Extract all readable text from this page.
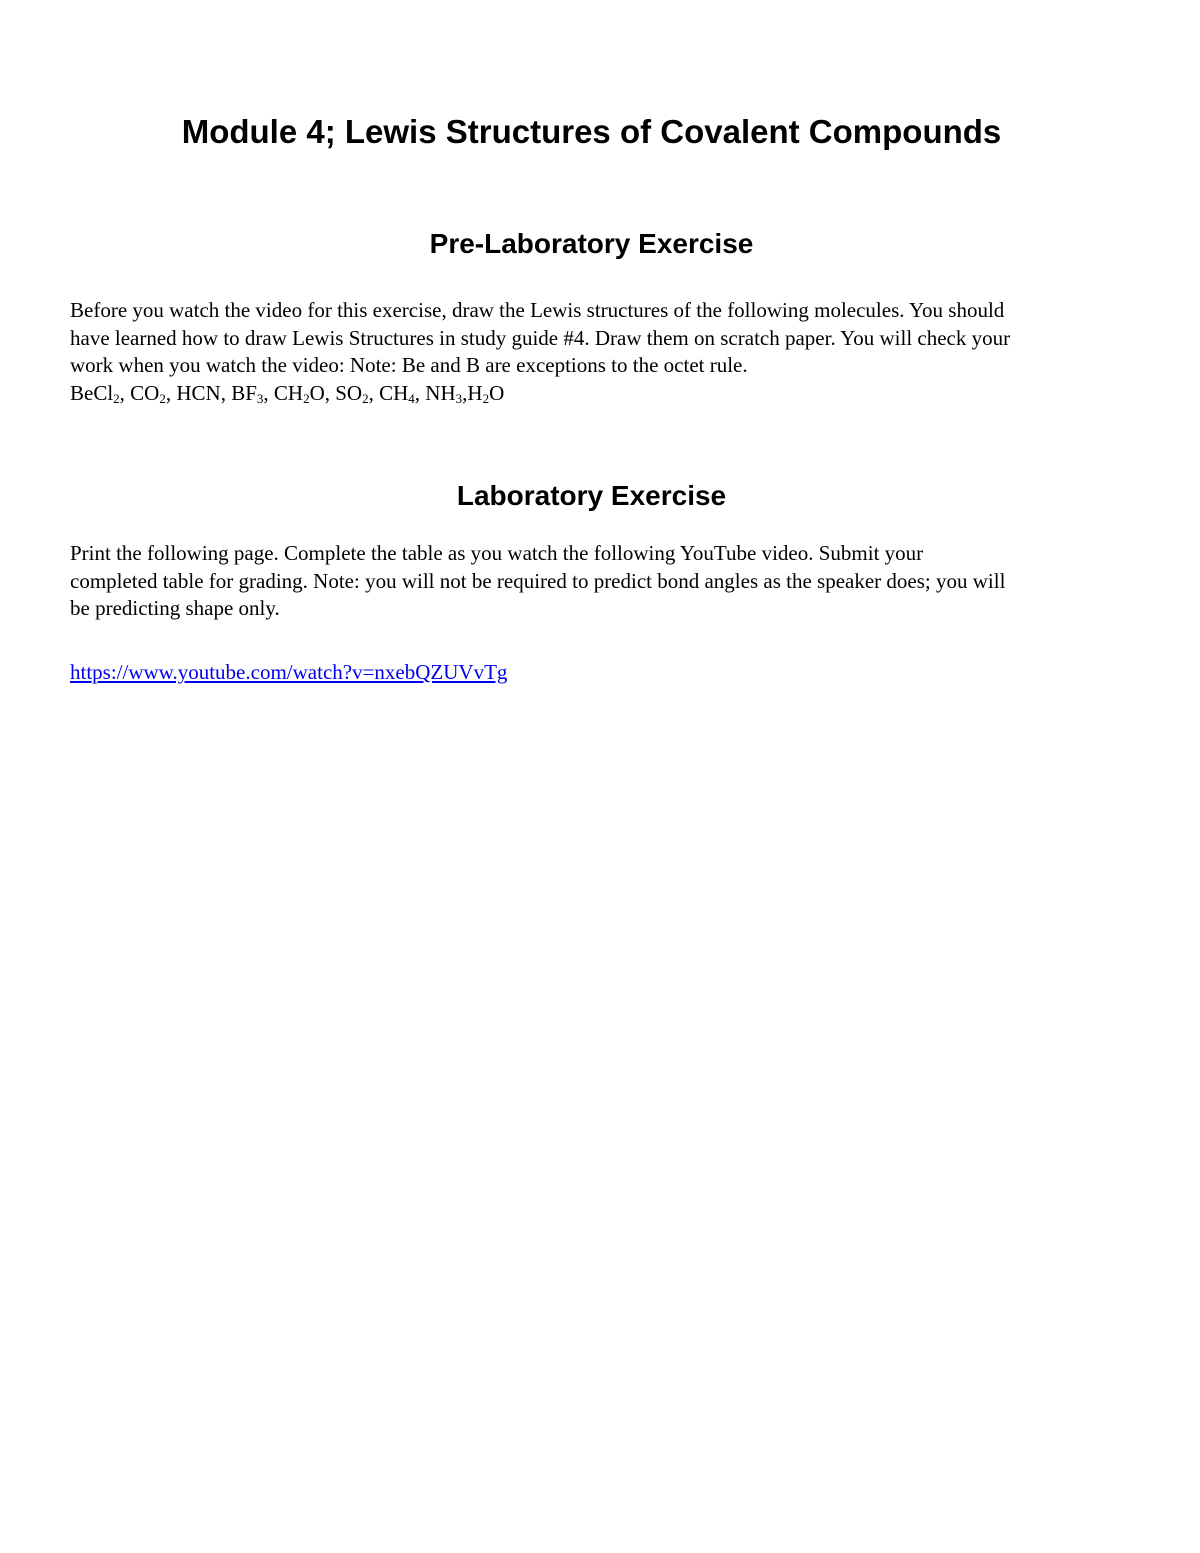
Module 4; Lewis Structures of Covalent Compounds
Pre-Laboratory Exercise
Before you watch the video for this exercise, draw the Lewis structures of the following molecules. You should
have learned how to draw Lewis Structures in study guide #4. Draw them on scratch paper. You will check your
work when you watch the video: Note: Be and B are exceptions to the octet rule.
BeCl$_2$, $CO_2$, HCN, $BF_3$, $CH_2O$, $SO_2$, $CH_4$, $NH_3,H_2O$
Laboratory Exercise
Print the following page. Complete the table as you watch the following YouTube video. Submit your
completed table for grading. Note: you will not be required to predict bond angles as the speaker does; you will
be predicting shape only.
https://www.youtube.com/watch?v=nxebQZUVvTg
